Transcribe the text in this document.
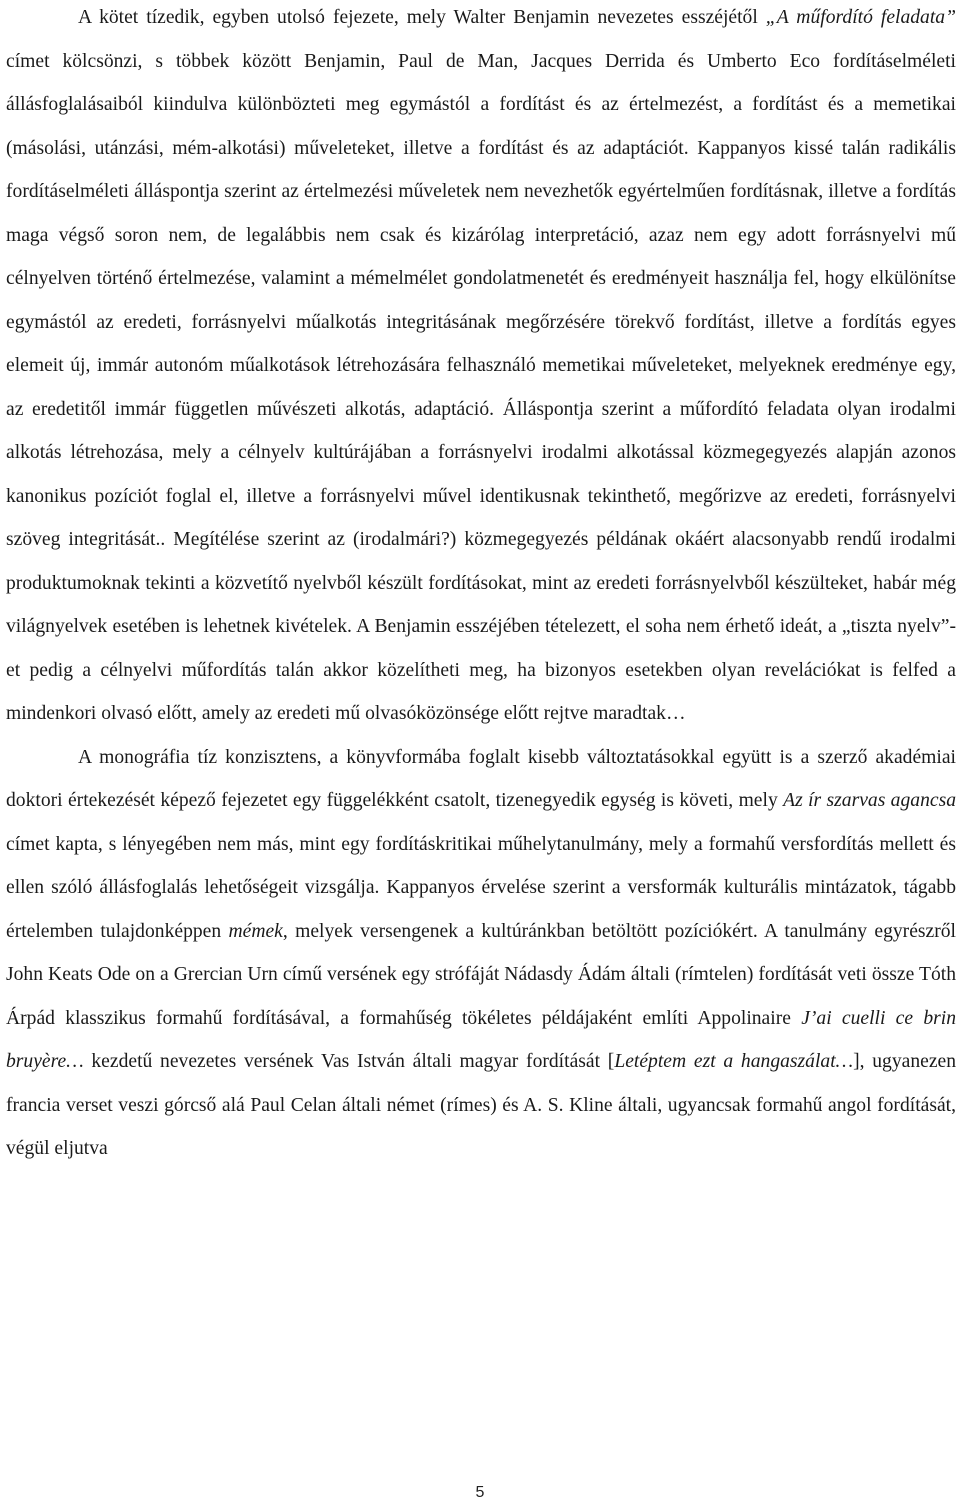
A kötet tízedik, egyben utolsó fejezete, mely Walter Benjamin nevezetes esszéjétől „A műfordító feladata” címet kölcsönzi, s többek között Benjamin, Paul de Man, Jacques Derrida és Umberto Eco fordításelméleti állásfoglalásaiból kiindulva különbözteti meg egymástól a fordítást és az értelmezést, a fordítást és a memetikai (másolási, utánzási, mém-alkotási) műveleteket, illetve a fordítást és az adaptációt. Kappanyos kissé talán radikális fordításelméleti álláspontja szerint az értelmezési műveletek nem nevezhetők egyértelműen fordításnak, illetve a fordítás maga végső soron nem, de legalábbis nem csak és kizárólag interpretáció, azaz nem egy adott forrásnyelvi mű célnyelven történő értelmezése, valamint a mémelmélet gondolatmenetét és eredményeit használja fel, hogy elkülönítse egymástól az eredeti, forrásnyelvi műalkotás integritásának megőrzésére törekvő fordítást, illetve a fordítás egyes elemeit új, immár autonóm műalkotások létrehozására felhasználó memetikai műveleteket, melyeknek eredménye egy, az eredetitől immár független művészeti alkotás, adaptáció. Álláspontja szerint a műfordító feladata olyan irodalmi alkotás létrehozása, mely a célnyelv kultúrájában a forrásnyelvi irodalmi alkotással közmegegyezés alapján azonos kanonikus pozíciót foglal el, illetve a forrásnyelvi művel identikusnak tekinthető, megőrizve az eredeti, forrásnyelvi szöveg integritását.. Megítélése szerint az (irodalmári?) közmegegyezés példának okáért alacsonyabb rendű irodalmi produktumoknak tekinti a közvetítő nyelvből készült fordításokat, mint az eredeti forrásnyelvből készülteket, habár még világnyelvek esetében is lehetnek kivételek. A Benjamin esszéjében tételezett, el soha nem érhető ideát, a „tiszta nyelv”-et pedig a célnyelvi műfordítás talán akkor közelítheti meg, ha bizonyos esetekben olyan revelációkat is felfed a mindenkori olvasó előtt, amely az eredeti mű olvasóközönsége előtt rejtve maradtak…

A monográfia tíz konzisztens, a könyvformába foglalt kisebb változtatásokkal együtt is a szerző akadémiai doktori értekezését képező fejezetet egy függelékként csatolt, tizenegyedik egység is követi, mely Az ír szarvas agancsa címet kapta, s lényegében nem más, mint egy fordításkritikai műhelytanulmány, mely a formahű versfordítás mellett és ellen szóló állásfoglalás lehetőségeit vizsgálja. Kappanyos érvelése szerint a versformák kulturális mintázatok, tágabb értelemben tulajdonképpen mémek, melyek versengenek a kultúránkban betöltött pozíciókért. A tanulmány egyrészről John Keats Ode on a Grercian Urn című versének egy strófáját Nádasdy Ádám általi (rímtelen) fordítását veti össze Tóth Árpád klasszikus formahű fordításával, a formahűség tökéletes példájaként említi Appolinaire J’ai cuelli ce brin bruyère… kezdetű nevezetes versének Vas István általi magyar fordítását [Letéptem ezt a hangaszálat…], ugyanezen francia verset veszi górcső alá Paul Celan általi német (rímes) és A. S. Kline általi, ugyancsak formahű angol fordítását, végül eljutva

5
